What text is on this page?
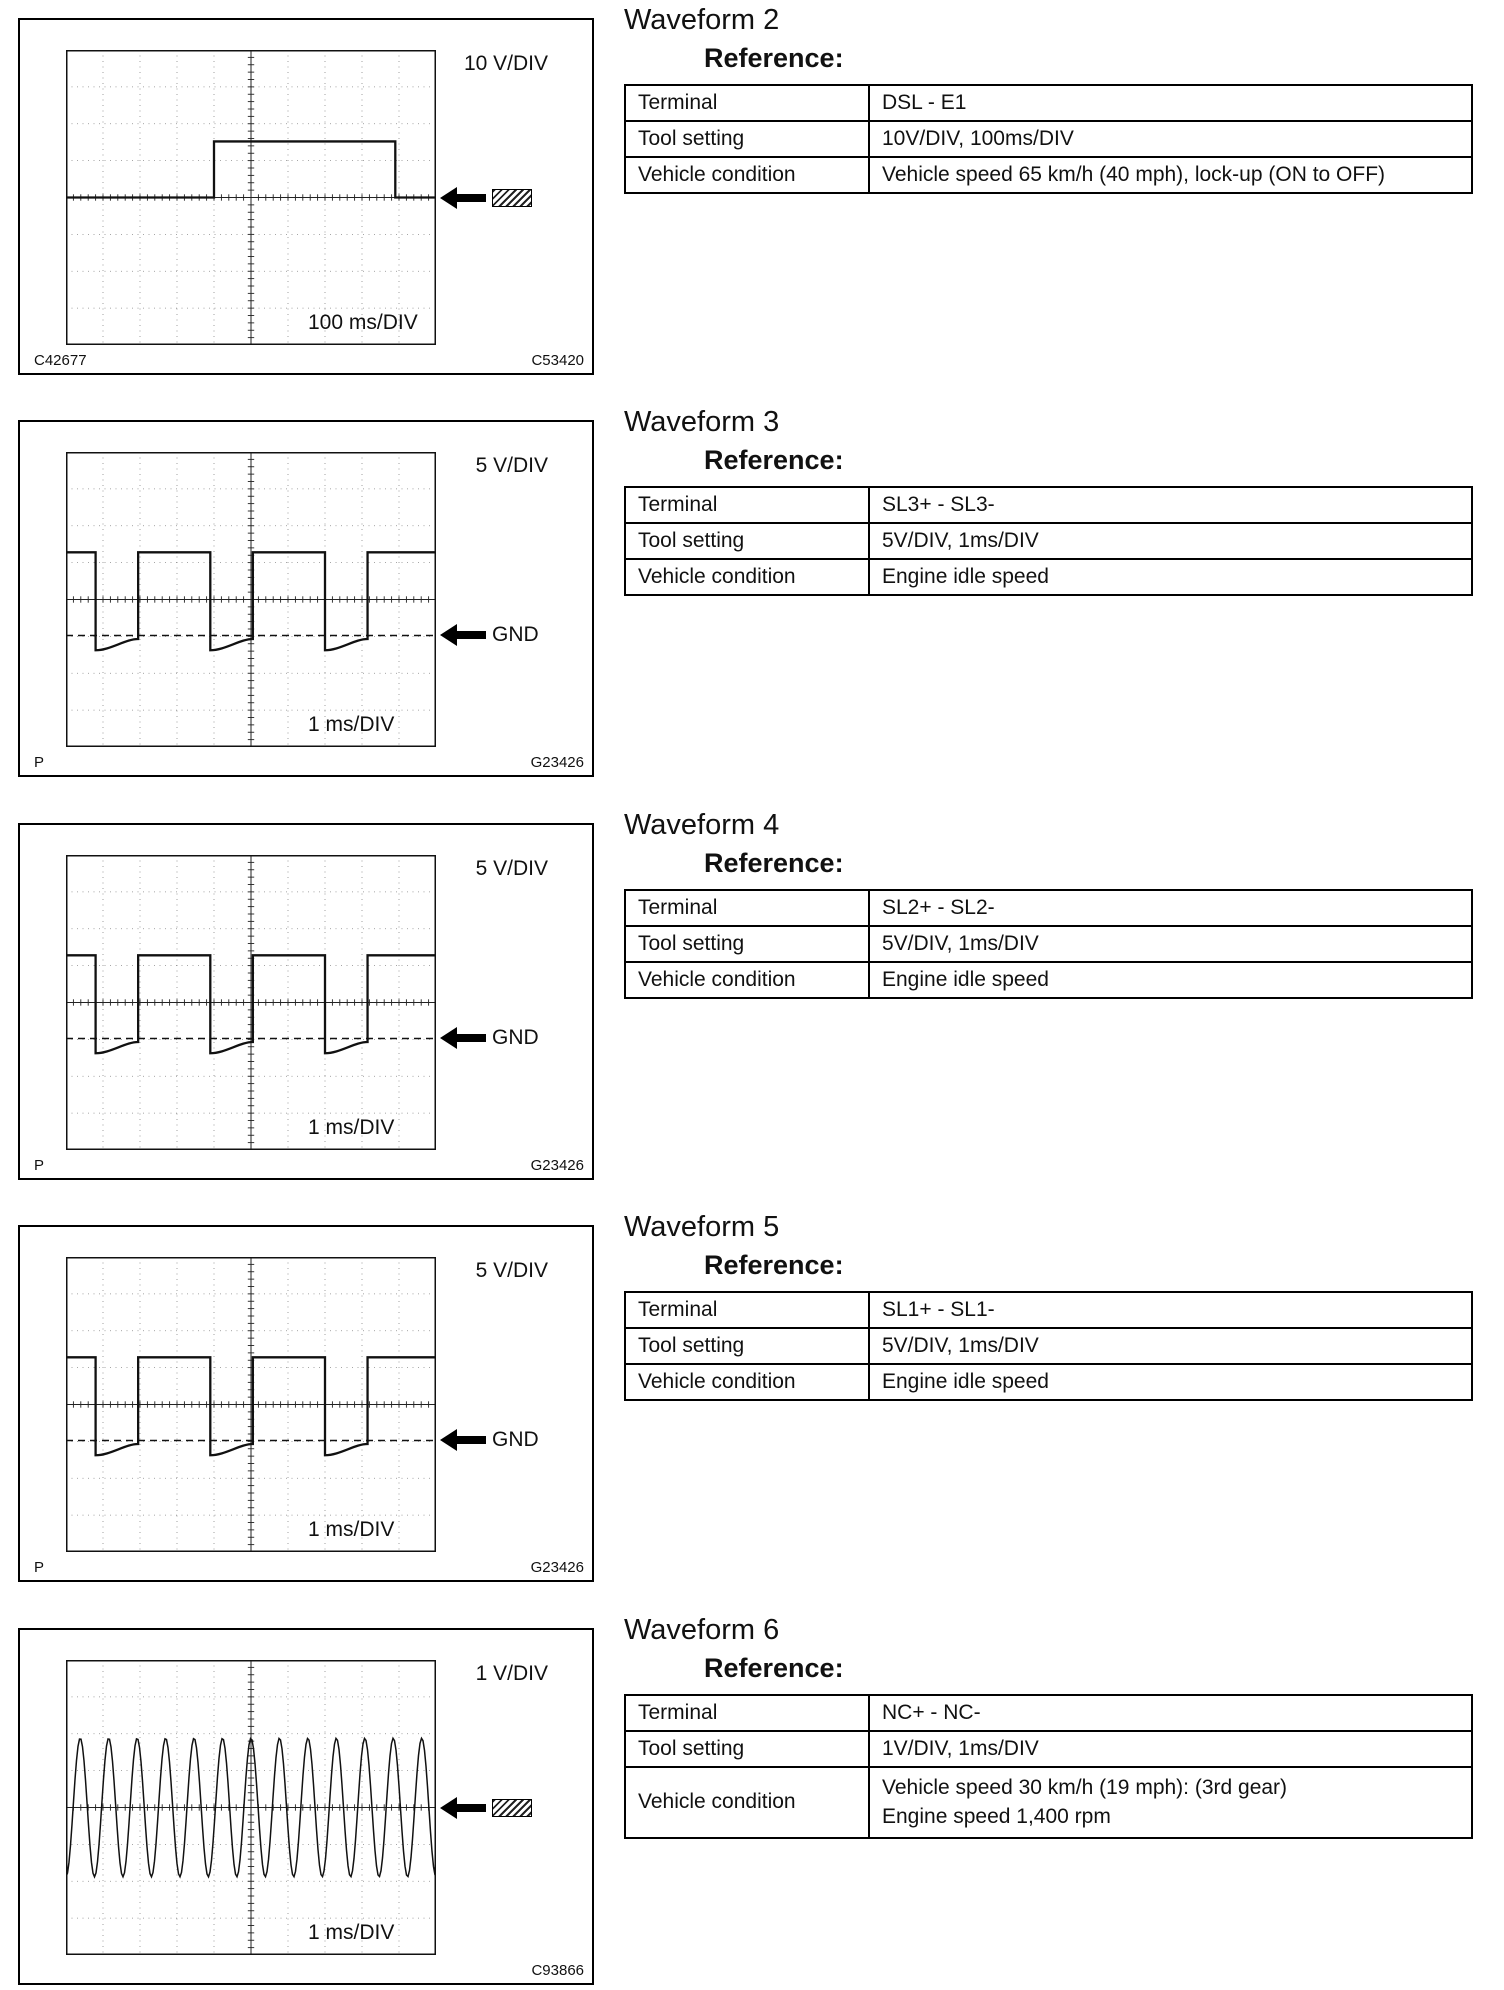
10 V/DIV
100 ms/DIV
C42677	C53420
Waveform 2
Reference:
Terminal	DSL - E1
Tool setting	10V/DIV, 100ms/DIV
Vehicle condition	Vehicle speed 65 km/h (40 mph), lock-up (ON to OFF)
5 V/DIV
1 ms/DIV
P	G23426
GND
Waveform 3
Reference:
Terminal	SL3+ - SL3-
Tool setting	5V/DIV, 1ms/DIV
Vehicle condition	Engine idle speed
5 V/DIV
1 ms/DIV
P	G23426
GND
Waveform 4
Reference:
Terminal	SL2+ - SL2-
Tool setting	5V/DIV, 1ms/DIV
Vehicle condition	Engine idle speed
5 V/DIV
1 ms/DIV
P	G23426
GND
Waveform 5
Reference:
Terminal	SL1+ - SL1-
Tool setting	5V/DIV, 1ms/DIV
Vehicle condition	Engine idle speed
1 V/DIV
1 ms/DIV
C93866
Waveform 6
Reference:
Terminal	NC+ - NC-
Tool setting	1V/DIV, 1ms/DIV
Vehicle condition	Vehicle speed 30 km/h (19 mph): (3rd gear)
Engine speed 1,400 rpm
